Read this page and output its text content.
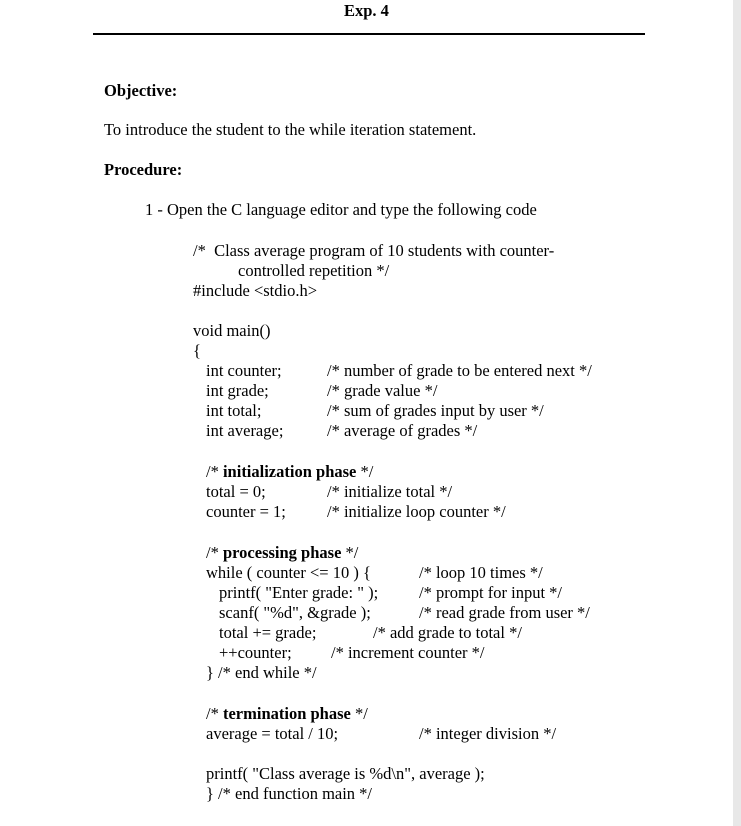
Exp. 4
Objective:
To introduce the student to the while iteration statement.
Procedure:
1 - Open the C language editor and type the following code
/*  Class average program of 10 students with counter-
controlled repetition */
#include <stdio.h>
void main()
{
int counter;	/* number of grade to be entered next */
int grade;	/* grade value */
int total;	/* sum of grades input by user */
int average;	/* average of grades */
/* initialization phase */
total = 0;	/* initialize total */
counter = 1; /* initialize loop counter */
/* processing phase */
while ( counter <= 10 ) {	/* loop 10 times */
printf( "Enter grade: " ); /* prompt for input */
scanf( "%d", &grade );	/* read grade from user */
total += grade;	/* add grade to total */
++counter; /* increment counter */
} /* end while */
/* termination phase */
average = total / 10;	/* integer division */
printf( "Class average is %d\n", average );
} /* end function main */
